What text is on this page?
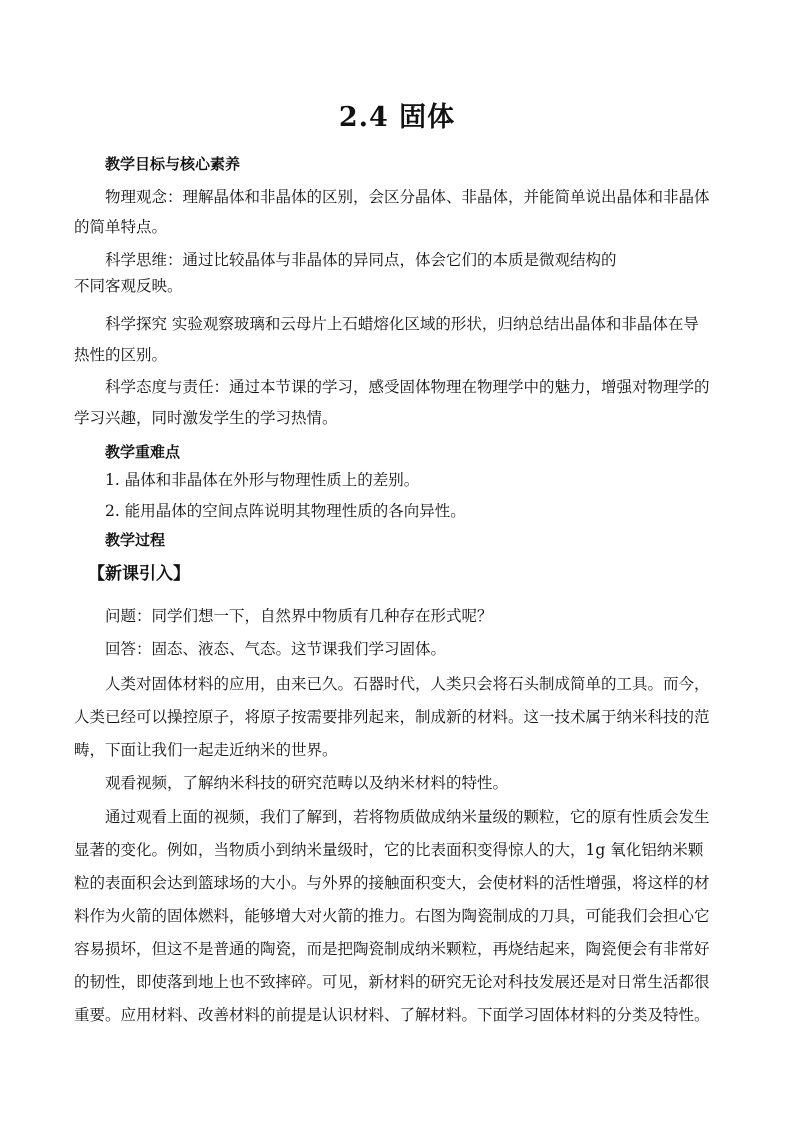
2.4 固体
教学目标与核心素养
物理观念：理解晶体和非晶体的区别，会区分晶体、非晶体，并能简单说出晶体和非晶体
的简单特点。
科学思维：通过比较晶体与非晶体的异同点，体会它们的本质是微观结构的
不同客观反映。
科学探究 实验观察玻璃和云母片上石蜡熔化区域的形状，归纳总结出晶体和非晶体在导
热性的区别。
科学态度与责任：通过本节课的学习，感受固体物理在物理学中的魅力，增强对物理学的
学习兴趣，同时激发学生的学习热情。
教学重难点
1. 晶体和非晶体在外形与物理性质上的差别。
2. 能用晶体的空间点阵说明其物理性质的各向异性。
教学过程
【新课引入】
问题：同学们想一下，自然界中物质有几种存在形式呢？
回答：固态、液态、气态。这节课我们学习固体。
人类对固体材料的应用，由来已久。石器时代，人类只会将石头制成简单的工具。而今，
人类已经可以操控原子，将原子按需要排列起来，制成新的材料。这一技术属于纳米科技的范
畴，下面让我们一起走近纳米的世界。
观看视频，了解纳米科技的研究范畴以及纳米材料的特性。
通过观看上面的视频，我们了解到，若将物质做成纳米量级的颗粒，它的原有性质会发生
显著的变化。例如，当物质小到纳米量级时，它的比表面积变得惊人的大，1g 氧化铝纳米颗
粒的表面积会达到篮球场的大小。与外界的接触面积变大，会使材料的活性增强，将这样的材
料作为火箭的固体燃料，能够增大对火箭的推力。右图为陶瓷制成的刀具，可能我们会担心它
容易损坏，但这不是普通的陶瓷，而是把陶瓷制成纳米颗粒，再烧结起来，陶瓷便会有非常好
的韧性，即使落到地上也不致摔碎。可见，新材料的研究无论对科技发展还是对日常生活都很
重要。应用材料、改善材料的前提是认识材料、了解材料。下面学习固体材料的分类及特性。
